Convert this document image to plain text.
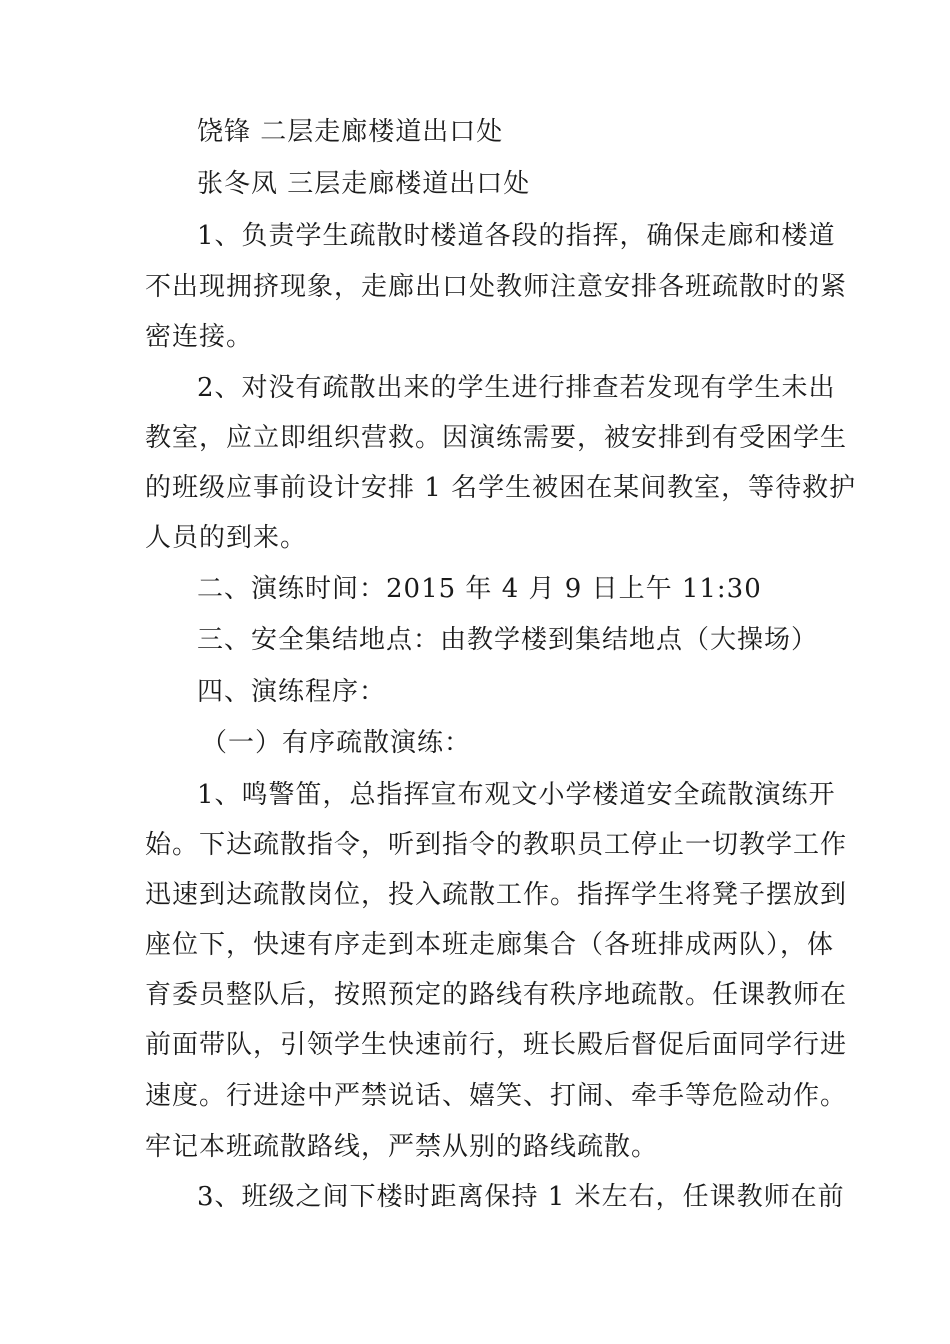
饶锋 二层走廊楼道出口处
张冬凤 三层走廊楼道出口处
1、负责学生疏散时楼道各段的指挥，确保走廊和楼道
不出现拥挤现象，走廊出口处教师注意安排各班疏散时的紧
密连接。
2、对没有疏散出来的学生进行排查若发现有学生未出
教室，应立即组织营救。因演练需要，被安排到有受困学生
的班级应事前设计安排 1 名学生被困在某间教室，等待救护
人员的到来。
二、演练时间：2015 年 4 月 9 日上午 11:30
三、安全集结地点：由教学楼到集结地点（大操场）
四、演练程序：
（一）有序疏散演练：
1、鸣警笛，总指挥宣布观文小学楼道安全疏散演练开
始。下达疏散指令，听到指令的教职员工停止一切教学工作
迅速到达疏散岗位，投入疏散工作。指挥学生将凳子摆放到
座位下，快速有序走到本班走廊集合（各班排成两队），体
育委员整队后，按照预定的路线有秩序地疏散。任课教师在
前面带队，引领学生快速前行，班长殿后督促后面同学行进
速度。行进途中严禁说话、嬉笑、打闹、牵手等危险动作。
牢记本班疏散路线，严禁从别的路线疏散。
3、班级之间下楼时距离保持 1 米左右，任课教师在前
